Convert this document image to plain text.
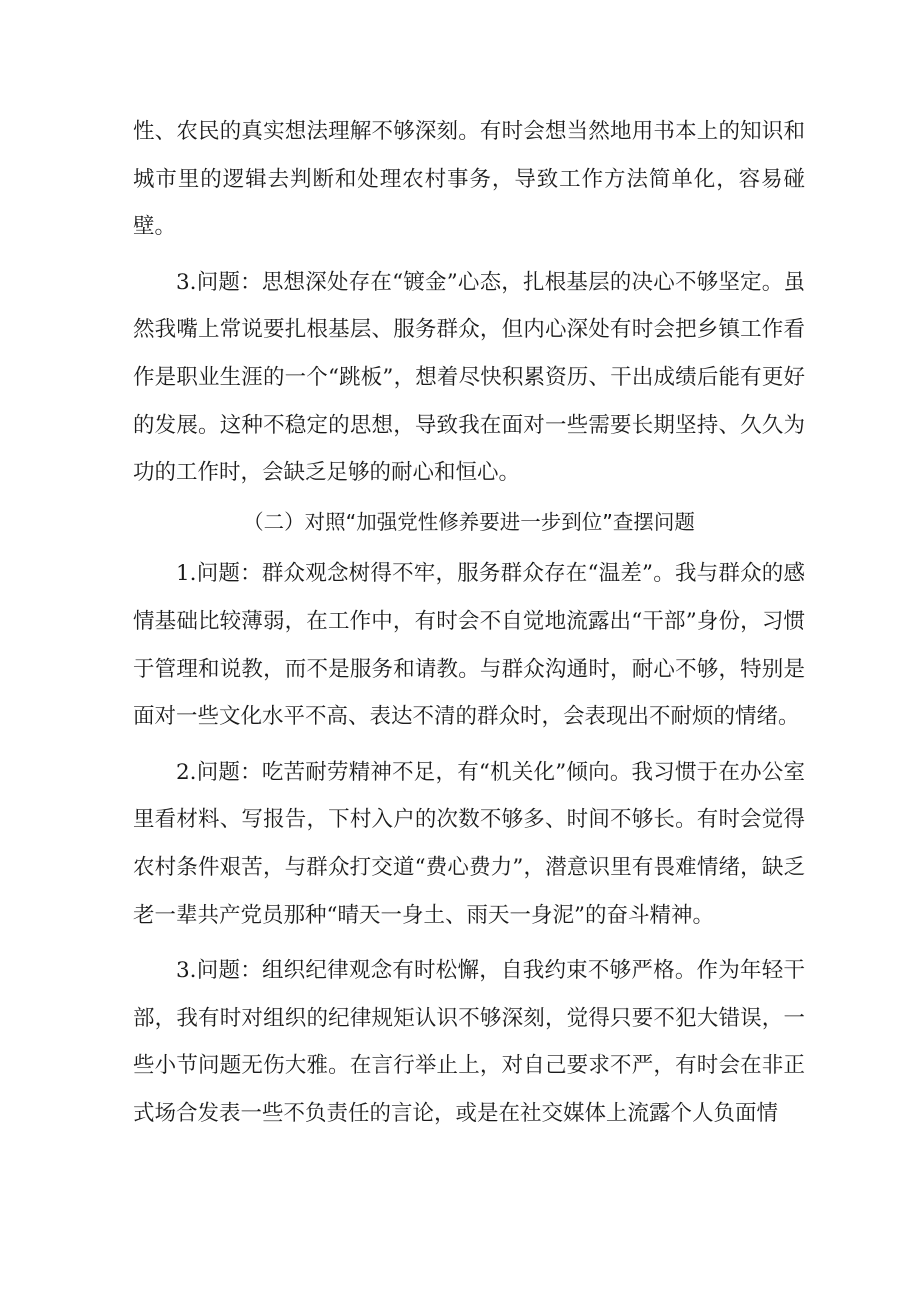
性、农民的真实想法理解不够深刻。有时会想当然地用书本上的知识和城市里的逻辑去判断和处理农村事务，导致工作方法简单化，容易碰壁。

3.问题：思想深处存在“镀金”心态，扎根基层的决心不够坚定。虽然我嘴上常说要扎根基层、服务群众，但内心深处有时会把乡镇工作看作是职业生涯的一个“跳板”，想着尽快积累资历、干出成绩后能有更好的发展。这种不稳定的思想，导致我在面对一些需要长期坚持、久久为功的工作时，会缺乏足够的耐心和恒心。

（二）对照“加强党性修养要进一步到位”查摆问题

1.问题：群众观念树得不牢，服务群众存在“温差”。我与群众的感情基础比较薄弱，在工作中，有时会不自觉地流露出“干部”身份，习惯于管理和说教，而不是服务和请教。与群众沟通时，耐心不够，特别是面对一些文化水平不高、表达不清的群众时，会表现出不耐烦的情绪。

2.问题：吃苦耐劳精神不足，有“机关化”倾向。我习惯于在办公室里看材料、写报告，下村入户的次数不够多、时间不够长。有时会觉得农村条件艰苦，与群众打交道“费心费力”，潜意识里有畏难情绪，缺乏老一辈共产党员那种“晴天一身土、雨天一身泥”的奋斗精神。

3.问题：组织纪律观念有时松懈，自我约束不够严格。作为年轻干部，我有时对组织的纪律规矩认识不够深刻，觉得只要不犯大错误，一些小节问题无伤大雅。在言行举止上，对自己要求不严，有时会在非正式场合发表一些不负责任的言论，或是在社交媒体上流露个人负面情
